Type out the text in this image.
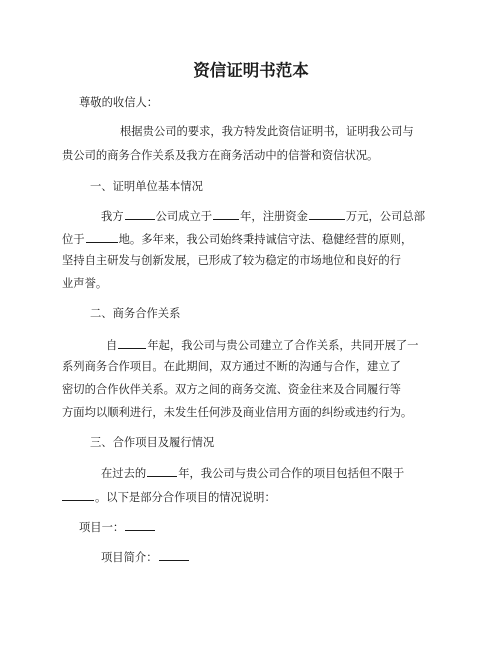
资信证明书范本

尊敬的收信人：

根据贵公司的要求，我方特发此资信证明书，证明我公司与

贵公司的商务合作关系及我方在商务活动中的信誉和资信状况。

一、证明单位基本情况

我方	公司成立于 年，注册资金	万元，公司总部

位于	地。多年来，我公司始终秉持诚信守法、稳健经营的原则，

坚持自主研发与创新发展，已形成了较为稳定的市场地位和良好的行

业声誉。

二、商务合作关系

自	年起，我公司与贵公司建立了合作关系，共同开展了一

系列商务合作项目。在此期间，双方通过不断的沟通与合作，建立了

密切的合作伙伴关系。双方之间的商务交流、资金往来及合同履行等

方面均以顺利进行，未发生任何涉及商业信用方面的纠纷或违约行为。

三、合作项目及履行情况

在过去的	年，我公司与贵公司合作的项目包括但不限于

。以下是部分合作项目的情况说明：

项目一：

项目简介：
